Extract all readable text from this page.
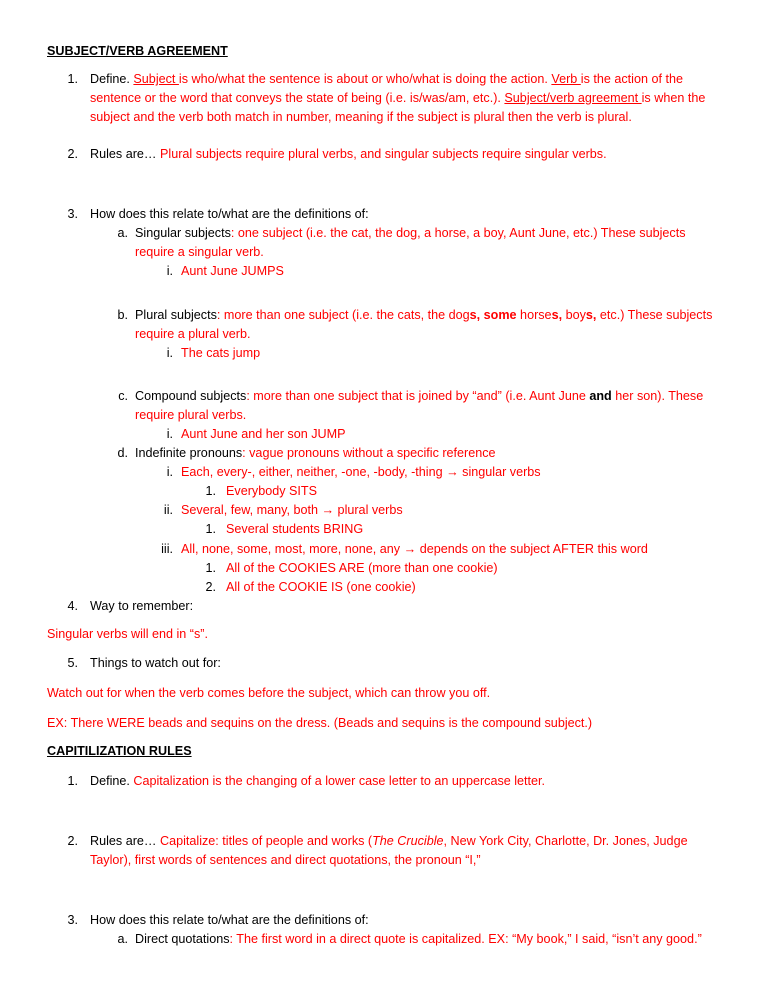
SUBJECT/VERB AGREEMENT
1. Define. Subject is who/what the sentence is about or who/what is doing the action. Verb is the action of the
sentence or the word that conveys the state of being (i.e. is/was/am, etc.). Subject/verb agreement is when the
subject and the verb both match in number, meaning if the subject is plural then the verb is plural.
2. Rules are… Plural subjects require plural verbs, and singular subjects require singular verbs.
3. How does this relate to/what are the definitions of:
a. Singular subjects: one subject (i.e. the cat, the dog, a horse, a boy, Aunt June, etc.) These subjects
require a singular verb.
i. Aunt June JUMPS
b. Plural subjects: more than one subject (i.e. the cats, the dogs, some horses, boys, etc.) These subjects
require a plural verb.
i. The cats jump
c. Compound subjects: more than one subject that is joined by “and” (i.e. Aunt June and her son). These
require plural verbs.
i. Aunt June and her son JUMP
d. Indefinite pronouns: vague pronouns without a specific reference
i. Each, every-, either, neither, -one, -body, -thing → singular verbs
1. Everybody SITS
ii. Several, few, many, both → plural verbs
1. Several students BRING
iii. All, none, some, most, more, none, any → depends on the subject AFTER this word
1. All of the COOKIES ARE (more than one cookie)
2. All of the COOKIE IS (one cookie)
4. Way to remember:
Singular verbs will end in “s”.
5. Things to watch out for:
Watch out for when the verb comes before the subject, which can throw you off.
EX: There WERE beads and sequins on the dress. (Beads and sequins is the compound subject.)
CAPITILIZATION RULES
1. Define. Capitalization is the changing of a lower case letter to an uppercase letter.
2. Rules are… Capitalize: titles of people and works (The Crucible, New York City, Charlotte, Dr. Jones, Judge
Taylor), first words of sentences and direct quotations, the pronoun “I,”
3. How does this relate to/what are the definitions of:
a. Direct quotations: The first word in a direct quote is capitalized. EX: “My book,” I said, “isn’t any good.”
